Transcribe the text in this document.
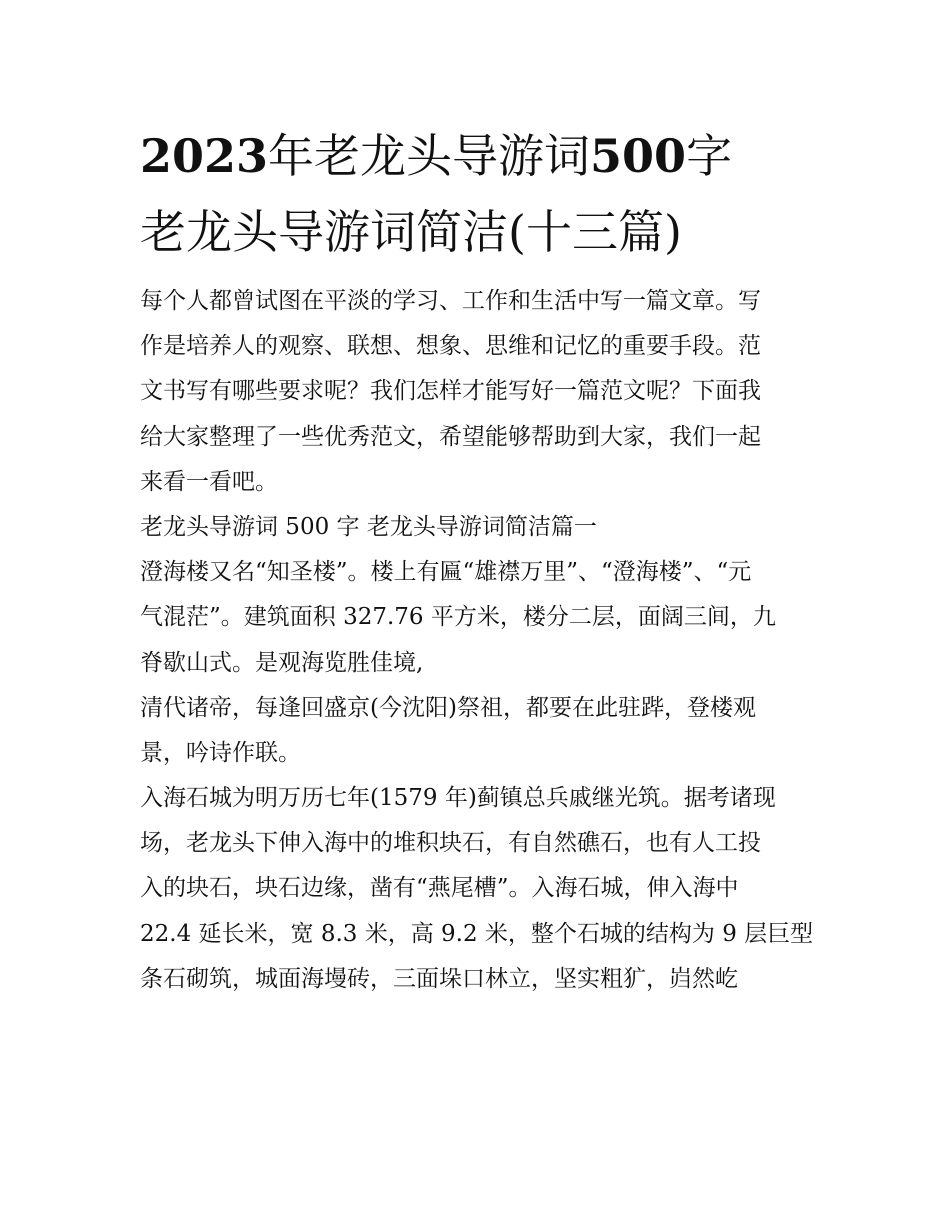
2023年老龙头导游词500字
老龙头导游词简洁(十三篇)
每个人都曾试图在平淡的学习、工作和生活中写一篇文章。写
作是培养人的观察、联想、想象、思维和记忆的重要手段。范
文书写有哪些要求呢？我们怎样才能写好一篇范文呢？下面我
给大家整理了一些优秀范文，希望能够帮助到大家，我们一起
来看一看吧。
老龙头导游词 500 字 老龙头导游词简洁篇一
澄海楼又名“知圣楼”。楼上有匾“雄襟万里”、“澄海楼”、“元
气混茫”。建筑面积 327.76 平方米，楼分二层，面阔三间，九
脊歇山式。是观海览胜佳境,
清代诸帝，每逢回盛京(今沈阳)祭祖，都要在此驻跸，登楼观
景，吟诗作联。
入海石城为明万历七年(1579 年)蓟镇总兵戚继光筑。据考诸现
场，老龙头下伸入海中的堆积块石，有自然礁石，也有人工投
入的块石，块石边缘，凿有“燕尾槽”。入海石城，伸入海中
22.4 延长米，宽 8.3 米，高 9.2 米，整个石城的结构为 9 层巨型
条石砌筑，城面海墁砖，三面垛口林立，坚实粗犷，岿然屹
